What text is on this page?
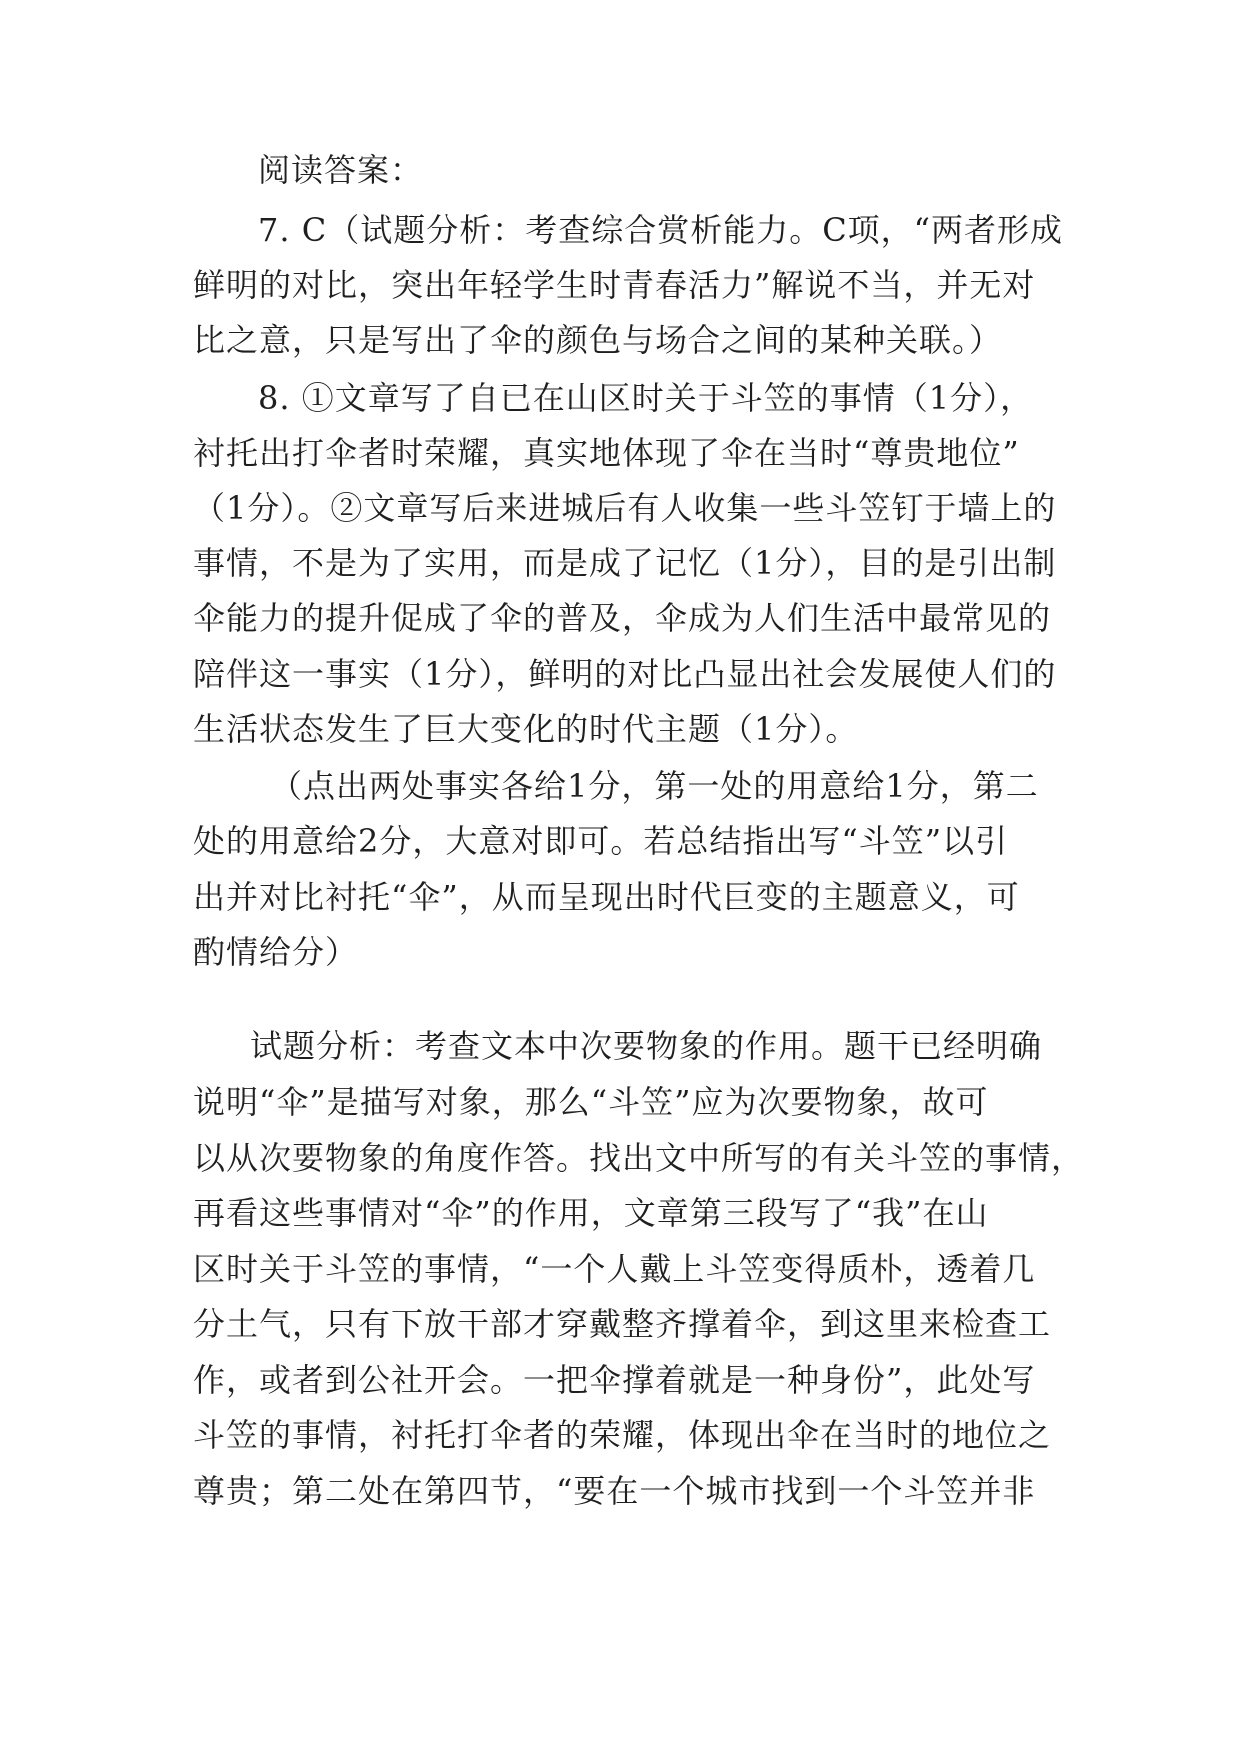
阅读答案：
7. C（试题分析：考查综合赏析能力。C项，“两者形成
鲜明的对比，突出年轻学生时青春活力”解说不当，并无对
比之意，只是写出了伞的颜色与场合之间的某种关联。）
8. ①文章写了自已在山区时关于斗笠的事情（1分），
衬托出打伞者时荣耀，真实地体现了伞在当时“尊贵地位”
（1分）。②文章写后来进城后有人收集一些斗笠钉于墙上的
事情，不是为了实用，而是成了记忆（1分），目的是引出制
伞能力的提升促成了伞的普及，伞成为人们生活中最常见的
陪伴这一事实（1分），鲜明的对比凸显出社会发展使人们的
生活状态发生了巨大变化的时代主题（1分）。
（点出两处事实各给1分，第一处的用意给1分，第二
处的用意给2分，大意对即可。若总结指出写“斗笠”以引
出并对比衬托“伞”，从而呈现出时代巨变的主题意义，可
酌情给分）
试题分析：考查文本中次要物象的作用。题干已经明确
说明“伞”是描写对象，那么“斗笠”应为次要物象，故可
以从次要物象的角度作答。找出文中所写的有关斗笠的事情，
再看这些事情对“伞”的作用，文章第三段写了“我”在山
区时关于斗笠的事情，“一个人戴上斗笠变得质朴，透着几
分土气，只有下放干部才穿戴整齐撑着伞，到这里来检查工
作，或者到公社开会。一把伞撑着就是一种身份”，此处写
斗笠的事情，衬托打伞者的荣耀，体现出伞在当时的地位之
尊贵；第二处在第四节，“要在一个城市找到一个斗笠并非
